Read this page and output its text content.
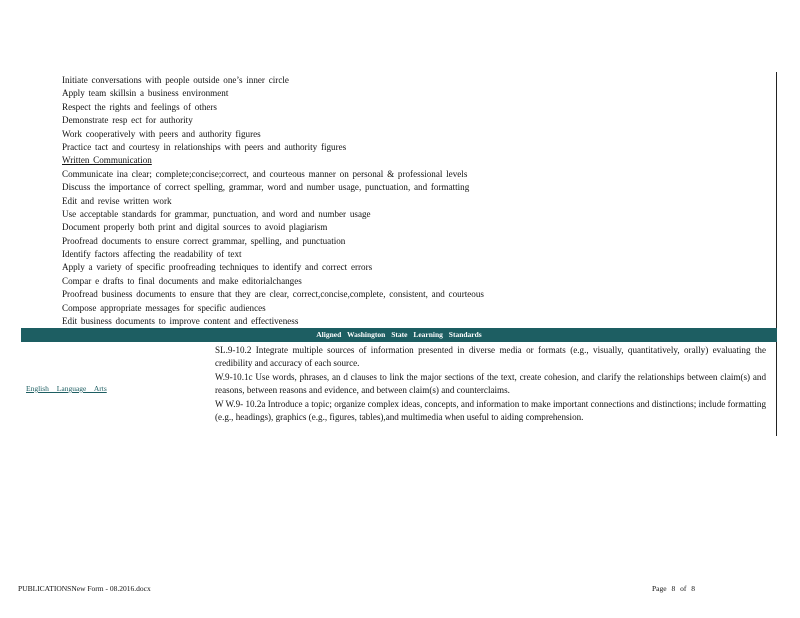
Initiate conversations with people outside one’s inner circle
Apply team skillsin a business environment
Respect the rights and feelings of others
Demonstrate resp ect for authority
Work cooperatively with peers and authority figures
Practice tact and courtesy in relationships with peers and authority figures
Written Communication
Communicate ina clear; complete;concise;correct, and courteous manner on personal & professional levels
Discuss the importance of correct spelling, grammar, word and number usage, punctuation, and formatting
Edit and revise written work
Use acceptable standards for grammar, punctuation, and word and number usage
Document properly both print and digital sources to avoid plagiarism
Proofread documents to ensure correct grammar, spelling, and punctuation
Identify factors affecting the readability of text
Apply a variety of specific proofreading techniques to identify and correct errors
Compar e drafts to final documents and make editorialchanges
Proofread business documents to ensure that they are clear, correct,concise,complete, consistent, and courteous
Compose appropriate messages for specific audiences
Edit business documents to improve content and effectiveness
Aligned Washington State Learning Standards
English Language Arts

SL.9-10.2 Integrate multiple sources of information presented in diverse media or formats (e.g., visually, quantitatively, orally) evaluating the credibility and accuracy of each source.

W.9-10.1c Use words, phrases, an d clauses to link the major sections of the text, create cohesion, and clarify the relationships between claim(s) and reasons, between reasons and evidence, and between claim(s) and counterclaims.

W W.9- 10.2a Introduce a topic; organize complex ideas, concepts, and information to make important connections and distinctions; include formatting (e.g., headings), graphics (e.g., figures, tables),and multimedia when useful to aiding comprehension.

PUBLICATIONSNew Form - 08.2016.docx	Page 8 of 8
